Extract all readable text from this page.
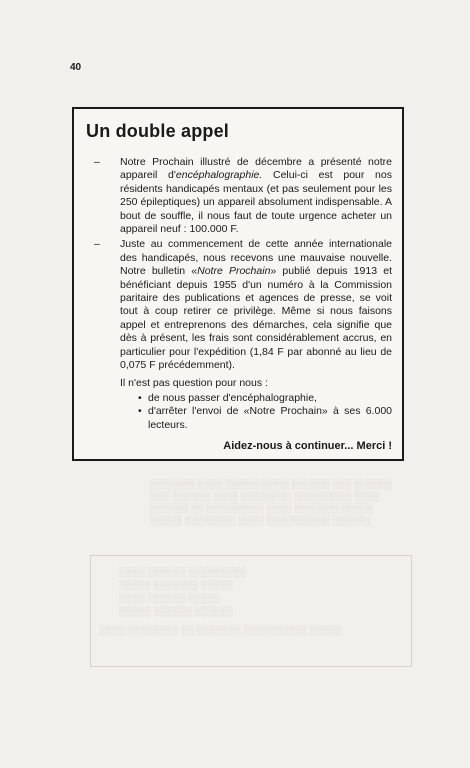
40
░░░░░░░ ░░░░ ░░░░░░░░░░ ░░░░░░ ░░░ ░░░░░░
░░░ ░░░░░░ ░░░░ ░░░░░░░░ ░░░░░░░░░ ░░░░
░░░░░░ ░░ ░░░░░░░░░ ░░░░ ░░░░░░░ ░░░░░
░░░░░ ░░░░░░░░ ░░░░ ░░░░░░░░░░ ░░░░░░
░░░░ ░░░░░░ ░░░░░░░░░
░░░░░ ░░░░░░░ ░░░░░
░░░░ ░░░░░░ ░░░░░
░░░░░ ░░░░░░ ░░░░░░
░░░░ ░░░░░░░░ ░░ ░░░░░░░ ░░░░░░░░░░ ░░░░░
Un double appel

– Notre Prochain illustré de décembre a présenté notre appareil d'encéphalographie. Celui-ci est pour nos résidents handicapés mentaux (et pas seulement pour les 250 épileptiques) un appareil absolument indispensable. A bout de souffle, il nous faut de toute urgence acheter un appareil neuf : 100.000 F.

– Juste au commencement de cette année internationale des handicapés, nous recevons une mauvaise nouvelle. Notre bulletin «Notre Prochain» publié depuis 1913 et bénéficiant depuis 1955 d'un numéro à la Commission paritaire des publications et agences de presse, se voit tout à coup retirer ce privilège. Même si nous faisons appel et entreprenons des démarches, cela signifie que dès à présent, les frais sont considérablement accrus, en particulier pour l'expédition (1,84 F par abonné au lieu de 0,075 F précédemment).

Il n'est pas question pour nous :

• de nous passer d'encéphalographie,
• d'arrêter l'envoi de «Notre Prochain» à ses 6.000 lecteurs.
Aidez-nous à continuer... Merci !
